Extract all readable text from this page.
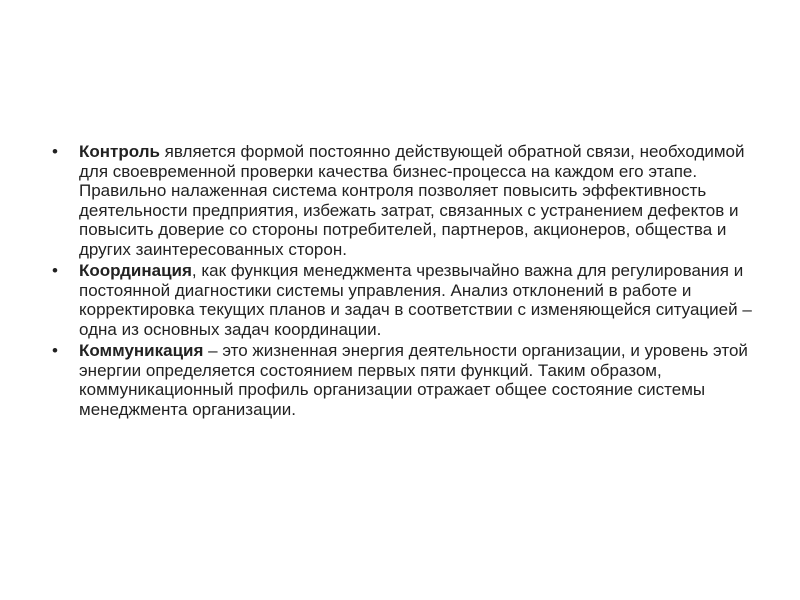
• Контроль является формой постоянно действующей обратной связи, необходимой для своевременной проверки качества бизнес-процесса на каждом его этапе. Правильно налаженная система контроля позволяет повысить эффективность деятельности предприятия, избежать затрат, связанных с устранением дефектов и повысить доверие со стороны потребителей, партнеров, акционеров, общества и других заинтересованных сторон.
• Координация, как функция менеджмента чрезвычайно важна для регулирования и постоянной диагностики системы управления. Анализ отклонений в работе и корректировка текущих планов и задач в соответствии с изменяющейся ситуацией – одна из основных задач координации.
• Коммуникация – это жизненная энергия деятельности организации, и уровень этой энергии определяется состоянием первых пяти функций. Таким образом, коммуникационный профиль организации отражает общее состояние системы менеджмента организации.
